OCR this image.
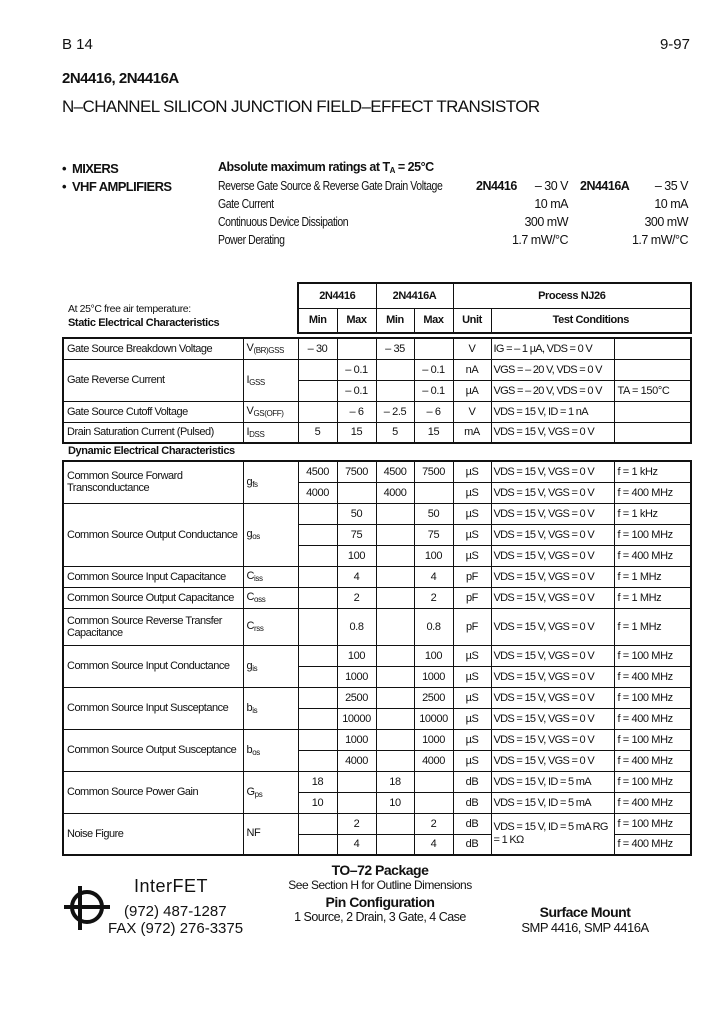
B 14	9-97
2N4416, 2N4416A
N–CHANNEL SILICON JUNCTION FIELD–EFFECT TRANSISTOR
•  MIXERS
•  VHF AMPLIFIERS
Absolute maximum ratings at $T_A = 25^\circ C$
Reverse Gate Source & Reverse Gate Drain Voltage	2N4416 – 30 V 2N4416A – 35 V
Gate Current	10 mA	10 mA
Continuous Device Dissipation	300 mW	300 mW
Power Derating	1.7 mW/°C	1.7 mW/°C
At 25°C free air temperature:
Static Electrical Characteristics
2N4416		2N4416A		Process NJ26	
Min	Max	Min	Max	Unit	Test Conditions
Gate Source Breakdown Voltage	$V_{(BR)GSS}$	– 30		– 35		V	IG = – 1 µA, VDS = 0 V	
Gate Reverse Current	$I_{GSS}$		– 0.1		– 0.1	nA	VGS = – 20 V, VDS = 0 V	
			– 0.1		– 0.1	µA	VGS = – 20 V, VDS = 0 V	TA = 150°C
Gate Source Cutoff Voltage	$V_{GS(OFF)}$		– 6	– 2.5	– 6	V	VDS = 15 V, ID = 1 nA	
Drain Saturation Current (Pulsed)	$I_{DSS}$	5	15	5	15	mA	VDS = 15 V, VGS = 0 V	
Dynamic Electrical Characteristics
Common Source Forward Transconductance	$g_{fs}$	4500	7500	4500	7500	µS	VDS = 15 V, VGS = 0 V	f = 1 kHz
		4000		4000		µS	VDS = 15 V, VGS = 0 V	f = 400 MHz
Common Source Output Conductance	$g_{os}$		50		50	µS	VDS = 15 V, VGS = 0 V	f = 1 kHz
			75		75	µS	VDS = 15 V, VGS = 0 V	f = 100 MHz
			100		100	µS	VDS = 15 V, VGS = 0 V	f = 400 MHz
Common Source Input Capacitance	$C_{iss}$		4		4	pF	VDS = 15 V, VGS = 0 V	f = 1 MHz
Common Source Output Capacitance	$C_{oss}$		2		2	pF	VDS = 15 V, VGS = 0 V	f = 1 MHz
Common Source Reverse Transfer Capacitance	$C_{rss}$		0.8		0.8	pF	VDS = 15 V, VGS = 0 V	f = 1 MHz
Common Source Input Conductance	$g_{is}$		100		100	µS	VDS = 15 V, VGS = 0 V	f = 100 MHz
			1000		1000	µS	VDS = 15 V, VGS = 0 V	f = 400 MHz
Common Source Input Susceptance	$b_{is}$		2500		2500	µS	VDS = 15 V, VGS = 0 V	f = 100 MHz
			10000		10000	µS	VDS = 15 V, VGS = 0 V	f = 400 MHz
Common Source Output Susceptance	$b_{os}$		1000		1000	µS	VDS = 15 V, VGS = 0 V	f = 100 MHz
			4000		4000	µS	VDS = 15 V, VGS = 0 V	f = 400 MHz
Common Source Power Gain	$G_{ps}$	18		18		dB	VDS = 15 V, ID = 5 mA	f = 100 MHz
		10		10		dB	VDS = 15 V, ID = 5 mA	f = 400 MHz
Noise Figure	NF		2		2	dB	VDS = 15 V, ID = 5 mA RG = 1 KΩ	f = 100 MHz
			4		4	dB		f = 400 MHz
InterFET
(972) 487-1287
FAX (972) 276-3375
TO–72 Package
See Section H for Outline Dimensions
Pin Configuration
1 Source, 2 Drain, 3 Gate, 4 Case	Surface Mount
SMP 4416, SMP 4416A
